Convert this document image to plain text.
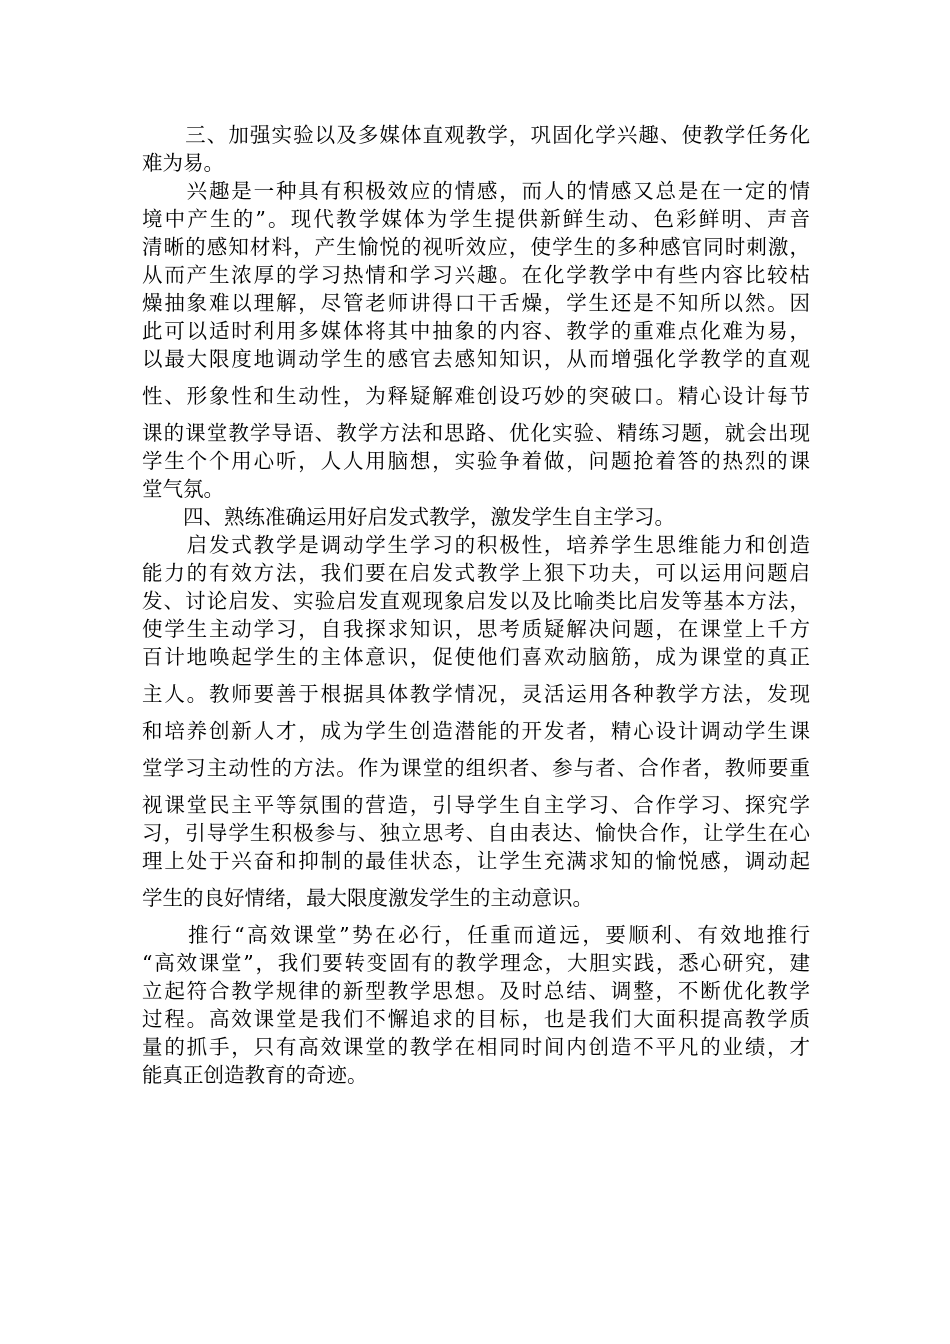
　　三、加强实验以及多媒体直观教学，巩固化学兴趣、使教学任务化
难为易。
　　兴趣是一种具有积极效应的情感，而人的情感又总是在一定的情
境中产生的”。现代教学媒体为学生提供新鲜生动、色彩鲜明、声音
清晰的感知材料，产生愉悦的视听效应，使学生的多种感官同时刺激，
从而产生浓厚的学习热情和学习兴趣。在化学教学中有些内容比较枯
燥抽象难以理解，尽管老师讲得口干舌燥，学生还是不知所以然。因
此可以适时利用多媒体将其中抽象的内容、教学的重难点化难为易，
以最大限度地调动学生的感官去感知知识，从而增强化学教学的直观
性、形象性和生动性，为释疑解难创设巧妙的突破口。精心设计每节
课的课堂教学导语、教学方法和思路、优化实验、精练习题，就会出现
学生个个用心听，人人用脑想，实验争着做，问题抢着答的热烈的课
堂气氛。
　　四、熟练准确运用好启发式教学，激发学生自主学习。
　　启发式教学是调动学生学习的积极性，培养学生思维能力和创造
能力的有效方法，我们要在启发式教学上狠下功夫，可以运用问题启
发、讨论启发、实验启发直观现象启发以及比喻类比启发等基本方法，
使学生主动学习，自我探求知识，思考质疑解决问题，在课堂上千方
百计地唤起学生的主体意识，促使他们喜欢动脑筋，成为课堂的真正
主人。教师要善于根据具体教学情况，灵活运用各种教学方法，发现
和培养创新人才，成为学生创造潜能的开发者，精心设计调动学生课
堂学习主动性的方法。作为课堂的组织者、参与者、合作者，教师要重
视课堂民主平等氛围的营造，引导学生自主学习、合作学习、探究学
习，引导学生积极参与、独立思考、自由表达、愉快合作，让学生在心
理上处于兴奋和抑制的最佳状态，让学生充满求知的愉悦感，调动起
学生的良好情绪，最大限度激发学生的主动意识。
　　推行“高效课堂”势在必行，任重而道远，要顺利、有效地推行
“高效课堂”，我们要转变固有的教学理念，大胆实践，悉心研究，建
立起符合教学规律的新型教学思想。及时总结、调整，不断优化教学
过程。高效课堂是我们不懈追求的目标，也是我们大面积提高教学质
量的抓手，只有高效课堂的教学在相同时间内创造不平凡的业绩，才
能真正创造教育的奇迹。
